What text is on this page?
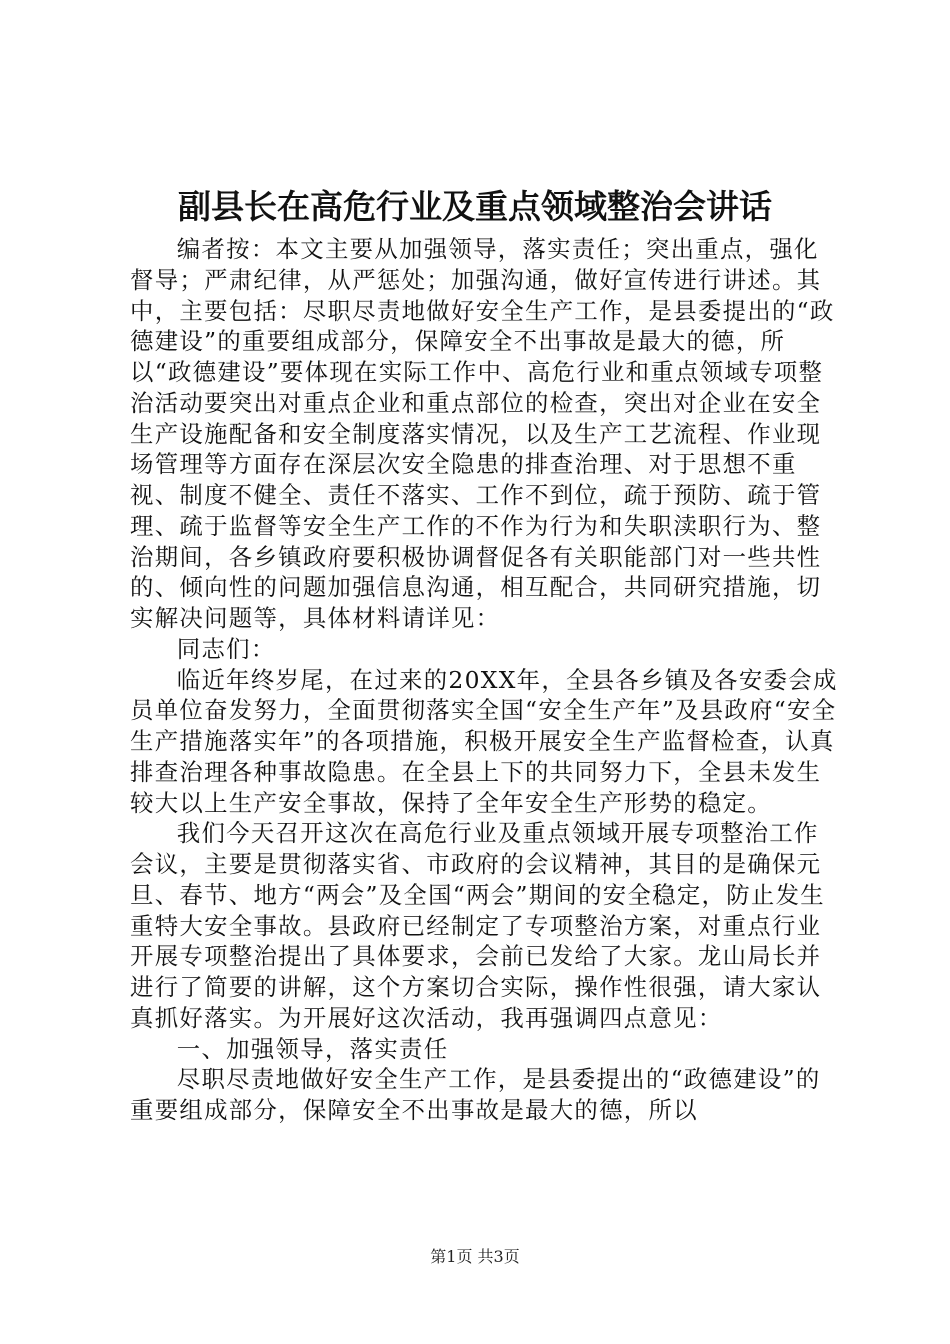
副县长在高危行业及重点领域整治会讲话

编者按：本文主要从加强领导，落实责任；突出重点，强化督导；严肃纪律，从严惩处；加强沟通，做好宣传进行讲述。其中，主要包括：尽职尽责地做好安全生产工作，是县委提出的“政德建设”的重要组成部分，保障安全不出事故是最大的德，所以“政德建设”要体现在实际工作中、高危行业和重点领域专项整治活动要突出对重点企业和重点部位的检查，突出对企业在安全生产设施配备和安全制度落实情况，以及生产工艺流程、作业现场管理等方面存在深层次安全隐患的排查治理、对于思想不重视、制度不健全、责任不落实、工作不到位，疏于预防、疏于管理、疏于监督等安全生产工作的不作为行为和失职渎职行为、整治期间，各乡镇政府要积极协调督促各有关职能部门对一些共性的、倾向性的问题加强信息沟通，相互配合，共同研究措施，切实解决问题等，具体材料请详见：

同志们：

临近年终岁尾，在过来的20XX年，全县各乡镇及各安委会成员单位奋发努力，全面贯彻落实全国“安全生产年”及县政府“安全生产措施落实年”的各项措施，积极开展安全生产监督检查，认真排查治理各种事故隐患。在全县上下的共同努力下，全县未发生较大以上生产安全事故，保持了全年安全生产形势的稳定。

我们今天召开这次在高危行业及重点领域开展专项整治工作会议，主要是贯彻落实省、市政府的会议精神，其目的是确保元旦、春节、地方“两会”及全国“两会”期间的安全稳定，防止发生重特大安全事故。县政府已经制定了专项整治方案，对重点行业开展专项整治提出了具体要求，会前已发给了大家。龙山局长并进行了简要的讲解，这个方案切合实际，操作性很强，请大家认真抓好落实。为开展好这次活动，我再强调四点意见：

一、加强领导，落实责任

尽职尽责地做好安全生产工作，是县委提出的“政德建设”的重要组成部分，保障安全不出事故是最大的德，所以

第1页 共3页
